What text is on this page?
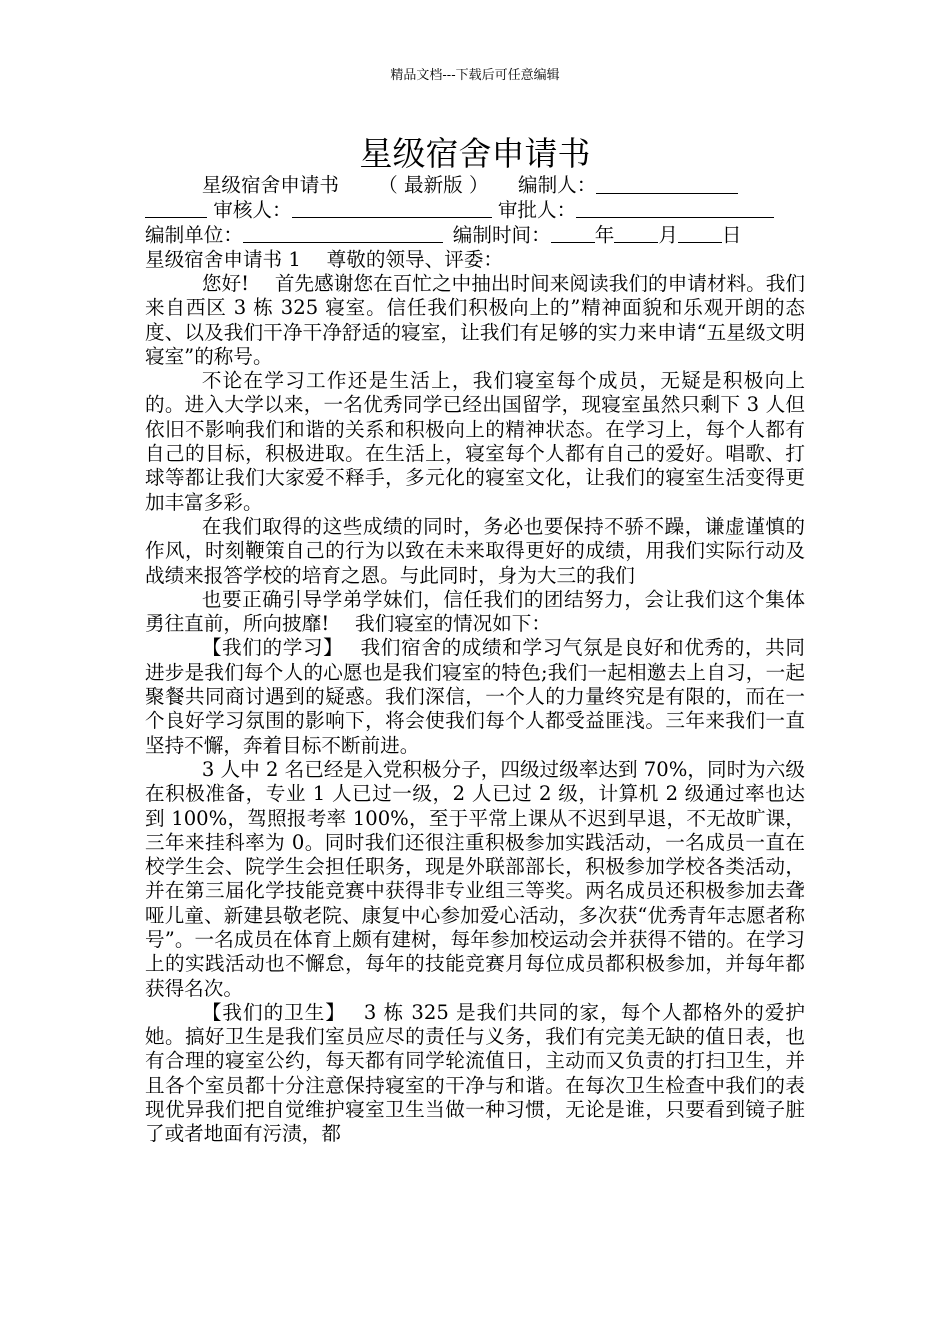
精品文档---下载后可任意编辑
星级宿舍申请书

星级宿舍申请书   （ 最新版 ）   编制人：

审核人：	审批人：

编制单位： 	编制时间： 年 月 日

星级宿舍申请书 1　 尊敬的领导、评委：

您好!　 首先感谢您在百忙之中抽出时间来阅读我们的申请材料。我们来自西区 3 栋 325 寝室。信任我们积极向上的”精神面貌和乐观开朗的态度、以及我们干净干净舒适的寝室，让我们有足够的实力来申请“五星级文明寝室”的称号。

不论在学习工作还是生活上，我们寝室每个成员，无疑是积极向上的。进入大学以来，一名优秀同学已经出国留学，现寝室虽然只剩下 3 人但依旧不影响我们和谐的关系和积极向上的精神状态。在学习上，每个人都有自己的目标，积极进取。在生活上，寝室每个人都有自己的爱好。唱歌、打球等都让我们大家爱不释手，多元化的寝室文化，让我们的寝室生活变得更加丰富多彩。

在我们取得的这些成绩的同时，务必也要保持不骄不躁，谦虚谨慎的作风，时刻鞭策自己的行为以致在未来取得更好的成绩，用我们实际行动及战绩来报答学校的培育之恩。与此同时，身为大三的我们

也要正确引导学弟学妹们，信任我们的团结努力，会让我们这个集体勇往直前，所向披靡!　 我们寝室的情况如下：

【我们的学习】　 我们宿舍的成绩和学习气氛是良好和优秀的，共同进步是我们每个人的心愿也是我们寝室的特色;我们一起相邀去上自习，一起聚餐共同商讨遇到的疑惑。我们深信，一个人的力量终究是有限的，而在一个良好学习氛围的影响下，将会使我们每个人都受益匪浅。三年来我们一直坚持不懈，奔着目标不断前进。

3 人中 2 名已经是入党积极分子，四级过级率达到 70%，同时为六级在积极准备，专业 1 人已过一级，2 人已过 2 级，计算机 2 级通过率也达到 100%，驾照报考率 100%，至于平常上课从不迟到早退，不无故旷课，三年来挂科率为 0。同时我们还很注重积极参加实践活动，一名成员一直在校学生会、院学生会担任职务，现是外联部部长，积极参加学校各类活动，并在第三届化学技能竞赛中获得非专业组三等奖。两名成员还积极参加去聋哑儿童、新建县敬老院、康复中心参加爱心活动，多次获“优秀青年志愿者称号”。一名成员在体育上颇有建树，每年参加校运动会并获得不错的。在学习上的实践活动也不懈怠，每年的技能竞赛月每位成员都积极参加，并每年都获得名次。

【我们的卫生】　 3 栋 325 是我们共同的家，每个人都格外的爱护她。搞好卫生是我们室员应尽的责任与义务，我们有完美无缺的值日表，也有合理的寝室公约，每天都有同学轮流值日，主动而又负责的打扫卫生，并且各个室员都十分注意保持寝室的干净与和谐。在每次卫生检查中我们的表现优异我们把自觉维护寝室卫生当做一种习惯，无论是谁，只要看到镜子脏了或者地面有污渍，都
